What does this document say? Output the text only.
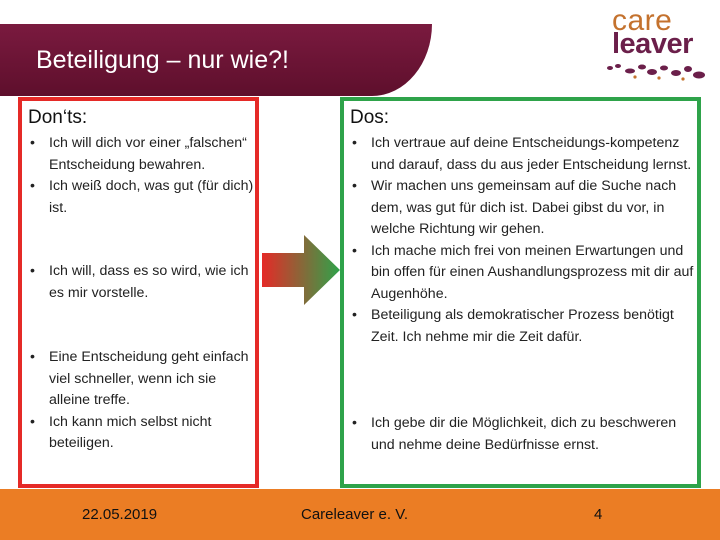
Beteiligung – nur wie?!
care
leaver
Don‘ts:	Dos:
• Ich will dich vor einer „falschen“ Entscheidung bewahren.
• Ich weiß doch, was gut (für dich) ist.
• Ich will, dass es so wird, wie ich es mir vorstelle.
• Eine Entscheidung geht einfach viel schneller, wenn ich sie alleine treffe.
• Ich kann mich selbst nicht beteiligen.
• Ich vertraue auf deine Entscheidungs-kompetenz und darauf, dass du aus jeder Entscheidung lernst.
• Wir machen uns gemeinsam auf die Suche nach dem, was gut für dich ist. Dabei gibst du vor, in welche Richtung wir gehen.
• Ich mache mich frei von meinen Erwartungen und bin offen für einen Aushandlungsprozess mit dir auf Augenhöhe.
• Beteiligung als demokratischer Prozess benötigt Zeit. Ich nehme mir die Zeit dafür.
• Ich gebe dir die Möglichkeit, dich zu beschweren und nehme deine Bedürfnisse ernst.
22.05.2019	Careleaver e. V.	4
